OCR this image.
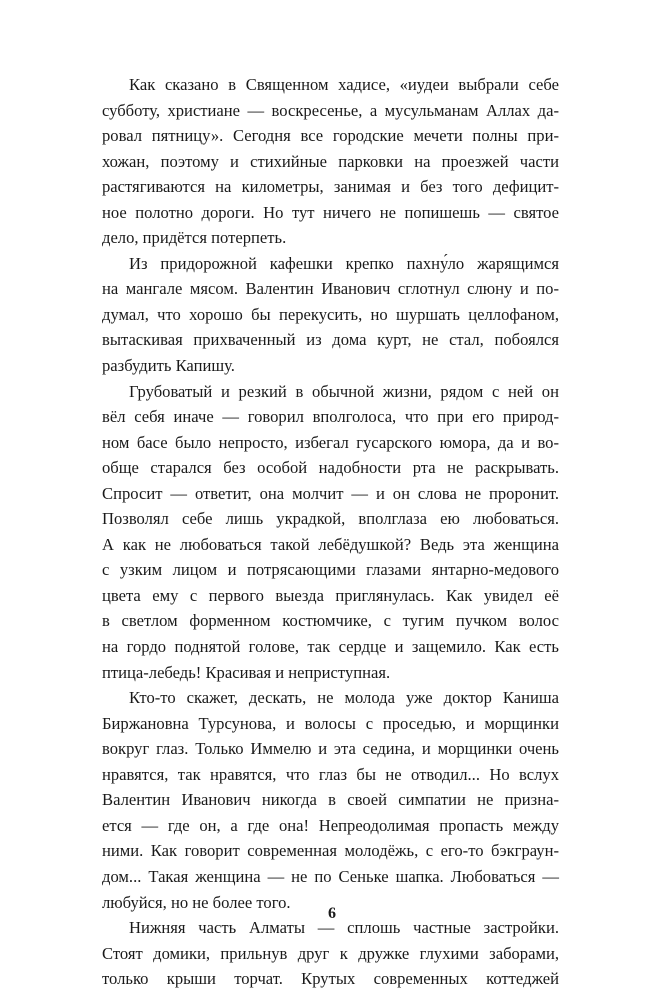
Как сказано в Священном хадисе, «иудеи выбрали себе
субботу, христиане — воскресенье, а мусульманам Аллах да-
ровал пятницу». Сегодня все городские мечети полны при-
хожан, поэтому и стихийные парковки на проезжей части
растягиваются на километры, занимая и без того дефицит-
ное полотно дороги. Но тут ничего не попишешь — святое
дело, придётся потерпеть.
Из придорожной кафешки крепко пахну́ло жарящимся
на мангале мясом. Валентин Иванович сглотнул слюну и по-
думал, что хорошо бы перекусить, но шуршать целлофаном,
вытаскивая прихваченный из дома курт, не стал, побоялся
разбудить Капишу.
Грубоватый и резкий в обычной жизни, рядом с ней он
вёл себя иначе — говорил вполголоса, что при его природ-
ном басе было непросто, избегал гусарского юмора, да и во-
обще старался без особой надобности рта не раскрывать.
Спросит — ответит, она молчит — и он слова не проронит.
Позволял себе лишь украдкой, вполглаза ею любоваться.
А как не любоваться такой лебёдушкой? Ведь эта женщина
с узким лицом и потрясающими глазами янтарно-медового
цвета ему с первого выезда приглянулась. Как увидел её
в светлом форменном костюмчике, с тугим пучком волос
на гордо поднятой голове, так сердце и защемило. Как есть
птица-лебедь! Красивая и неприступная.
Кто-то скажет, дескать, не молода уже доктор Каниша
Биржановна Турсунова, и волосы с проседью, и морщинки
вокруг глаз. Только Иммелю и эта седина, и морщинки очень
нравятся, так нравятся, что глаз бы не отводил... Но вслух
Валентин Иванович никогда в своей симпатии не призна-
ется — где он, а где она! Непреодолимая пропасть между
ними. Как говорит современная молодёжь, с его-то бэкграун-
дом... Такая женщина — не по Сеньке шапка. Любоваться —
любуйся, но не более того.
Нижняя часть Алматы — сплошь частные застройки.
Стоят домики, прильнув друг к дружке глухими заборами,
только крыши торчат. Крутых современных коттеджей
6
